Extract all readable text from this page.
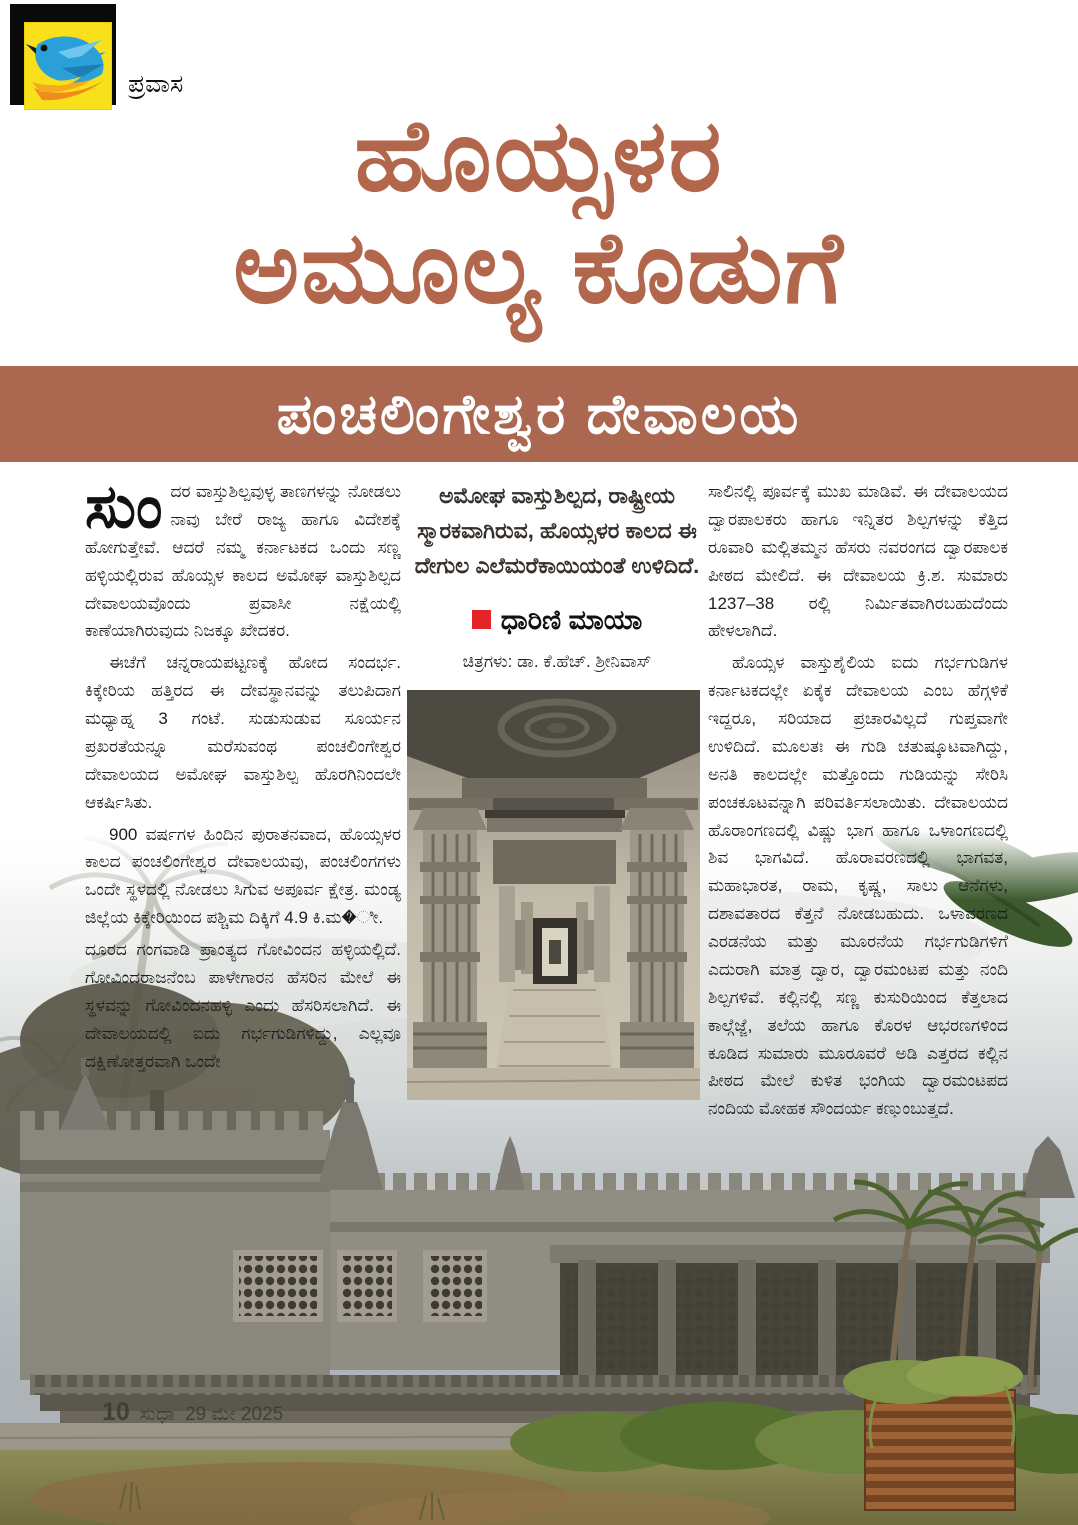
ಪ್ರವಾಸ
ಹೊಯ್ಸಳರ
ಅಮೂಲ್ಯ ಕೊಡುಗೆ
ಪಂಚಲಿಂಗೇಶ್ವರ ದೇವಾಲಯ

ಸುಂದರ ವಾಸ್ತುಶಿಲ್ಪವುಳ್ಳ ತಾಣಗಳನ್ನು ನೋಡಲು ನಾವು ಬೇರೆ ರಾಜ್ಯ ಹಾಗೂ ವಿದೇಶಕ್ಕೆ ಹೋಗುತ್ತೇವೆ. ಆದರೆ ನಮ್ಮ ಕರ್ನಾಟಕದ ಒಂದು ಸಣ್ಣ ಹಳ್ಳಿಯಲ್ಲಿರುವ ಹೊಯ್ಸಳ ಕಾಲದ ಅಮೋಘ ವಾಸ್ತುಶಿಲ್ಪದ ದೇವಾಲಯವೊಂದು ಪ್ರವಾಸೀ ನಕ್ಷೆಯಲ್ಲಿ ಕಾಣೆಯಾಗಿರುವುದು ನಿಜಕ್ಕೂ ಖೇದಕರ.

ಈಚೆಗೆ ಚನ್ನರಾಯಪಟ್ಟಣಕ್ಕೆ ಹೋದ ಸಂದರ್ಭ. ಕಿಕ್ಕೇರಿಯ ಹತ್ತಿರದ ಈ ದೇವಸ್ಥಾನವನ್ನು ತಲುಪಿದಾಗ ಮಧ್ಯಾಹ್ನ 3 ಗಂಟೆ. ಸುಡುಸುಡುವ ಸೂರ್ಯನ ಪ್ರಖರತೆಯನ್ನೂ ಮರೆಸುವಂಥ ಪಂಚಲಿಂಗೇಶ್ವರ ದೇವಾಲಯದ ಅಮೋಘ ವಾಸ್ತುಶಿಲ್ಪ ಹೊರಗಿನಿಂದಲೇ ಆಕರ್ಷಿಸಿತು.

900 ವರ್ಷಗಳ ಹಿಂದಿನ ಪುರಾತನವಾದ, ಹೊಯ್ಸಳರ ಕಾಲದ ಪಂಚಲಿಂಗೇಶ್ವರ ದೇವಾಲಯವು, ಪಂಚಲಿಂಗಗಳು ಒಂದೇ ಸ್ಥಳದಲ್ಲಿ ನೋಡಲು ಸಿಗುವ ಅಪೂರ್ವ ಕ್ಷೇತ್ರ. ಮಂಡ್ಯ ಜಿಲ್ಲೆಯ ಕಿಕ್ಕೇರಿಯಿಂದ ಪಶ್ಚಿಮ ದಿಕ್ಕಿಗೆ 4.9 ಕಿ.ಮ�ೀ.

ದೂರದ ಗಂಗವಾಡಿ ಪ್ರಾಂತ್ಯದ ಗೋವಿಂದನ ಹಳ್ಳಿಯಲ್ಲಿದೆ. ಗೋವಿಂದರಾಜನೆಂಬ ಪಾಳೇಗಾರನ ಹೆಸರಿನ ಮೇಲೆ ಈ ಸ್ಥಳವನ್ನು ಗೋವಿಂದನಹಳ್ಳಿ ಎಂದು ಹೆಸರಿಸಲಾಗಿದೆ. ಈ ದೇವಾಲಯದಲ್ಲಿ ಐದು ಗರ್ಭಗುಡಿಗಳಿದ್ದು, ಎಲ್ಲವೂ ದಕ್ಷಿಣೋತ್ತರವಾಗಿ ಒಂದೇ

ಅಮೋಘ ವಾಸ್ತುಶಿಲ್ಪದ, ರಾಷ್ಟ್ರೀಯ ಸ್ಮಾರಕವಾಗಿರುವ, ಹೊಯ್ಸಳರ ಕಾಲದ ಈ ದೇಗುಲ ಎಲೆಮರೆಕಾಯಿಯಂತೆ ಉಳಿದಿದೆ.
ಧಾರಿಣಿ ಮಾಯಾ
ಚಿತ್ರಗಳು: ಡಾ. ಕೆ.ಹೆಚ್. ಶ್ರೀನಿವಾಸ್

ಸಾಲಿನಲ್ಲಿ ಪೂರ್ವಕ್ಕೆ ಮುಖ ಮಾಡಿವೆ. ಈ ದೇವಾಲಯದ ದ್ವಾರಪಾಲಕರು ಹಾಗೂ ಇನ್ನಿತರ ಶಿಲ್ಪಗಳನ್ನು ಕೆತ್ತಿದ ರೂವಾರಿ ಮಲ್ಲಿತಮ್ಮನ ಹೆಸರು ನವರಂಗದ ದ್ವಾರಪಾಲಕ ಪೀಠದ ಮೇಲಿದೆ. ಈ ದೇವಾಲಯ ಕ್ರಿ.ಶ. ಸುಮಾರು 1237–38 ರಲ್ಲಿ ನಿರ್ಮಿತವಾಗಿರಬಹುದೆಂದು ಹೇಳಲಾಗಿದೆ.

ಹೊಯ್ಸಳ ವಾಸ್ತುಶೈಲಿಯ ಐದು ಗರ್ಭಗುಡಿಗಳ ಕರ್ನಾಟಕದಲ್ಲೇ ಏಕೈಕ ದೇವಾಲಯ ಎಂಬ ಹೆಗ್ಗಳಿಕೆ ಇದ್ದರೂ, ಸರಿಯಾದ ಪ್ರಚಾರವಿಲ್ಲದೆ ಗುಪ್ತವಾಗೇ ಉಳಿದಿದೆ. ಮೂಲತಃ ಈ ಗುಡಿ ಚತುಷ್ಕೂಟವಾಗಿದ್ದು, ಅನತಿ ಕಾಲದಲ್ಲೇ ಮತ್ತೊಂದು ಗುಡಿಯನ್ನು ಸೇರಿಸಿ ಪಂಚಕೂಟವನ್ನಾಗಿ ಪರಿವರ್ತಿಸಲಾಯಿತು. ದೇವಾಲಯದ ಹೊರಾಂಗಣದಲ್ಲಿ ವಿಷ್ಣು ಭಾಗ ಹಾಗೂ ಒಳಾಂಗಣದಲ್ಲಿ ಶಿವ ಭಾಗವಿದೆ. ಹೊರಾವರಣದಲ್ಲಿ ಭಾಗವತ, ಮಹಾಭಾರತ, ರಾಮ, ಕೃಷ್ಣ, ಸಾಲು ಆನೆಗಳು, ದಶಾವತಾರದ ಕೆತ್ತನೆ ನೋಡಬಹುದು. ಒಳಾವರಣದ ಎರಡನೆಯ ಮತ್ತು ಮೂರನೆಯ ಗರ್ಭಗುಡಿಗಳಿಗೆ ಎದುರಾಗಿ ಮಾತ್ರ ದ್ವಾರ, ದ್ವಾರಮಂಟಪ ಮತ್ತು ನಂದಿ ಶಿಲ್ಪಗಳಿವೆ. ಕಲ್ಲಿನಲ್ಲಿ ಸಣ್ಣ ಕುಸುರಿಯಿಂದ ಕೆತ್ತಲಾದ ಕಾಲ್ಗೆಜ್ಜೆ, ತಲೆಯ ಹಾಗೂ ಕೊರಳ ಆಭರಣಗಳಿಂದ ಕೂಡಿದ ಸುಮಾರು ಮೂರೂವರೆ ಅಡಿ ಎತ್ತರದ ಕಲ್ಲಿನ ಪೀಠದ ಮೇಲೆ ಕುಳಿತ ಭಂಗಿಯ ದ್ವಾರಮಂಟಪದ ನಂದಿಯ ಮೋಹಕ ಸೌಂದರ್ಯ ಕಣ್ತುಂಬುತ್ತದೆ.

10 ಸುಧಾ 29 ಮೇ 2025
